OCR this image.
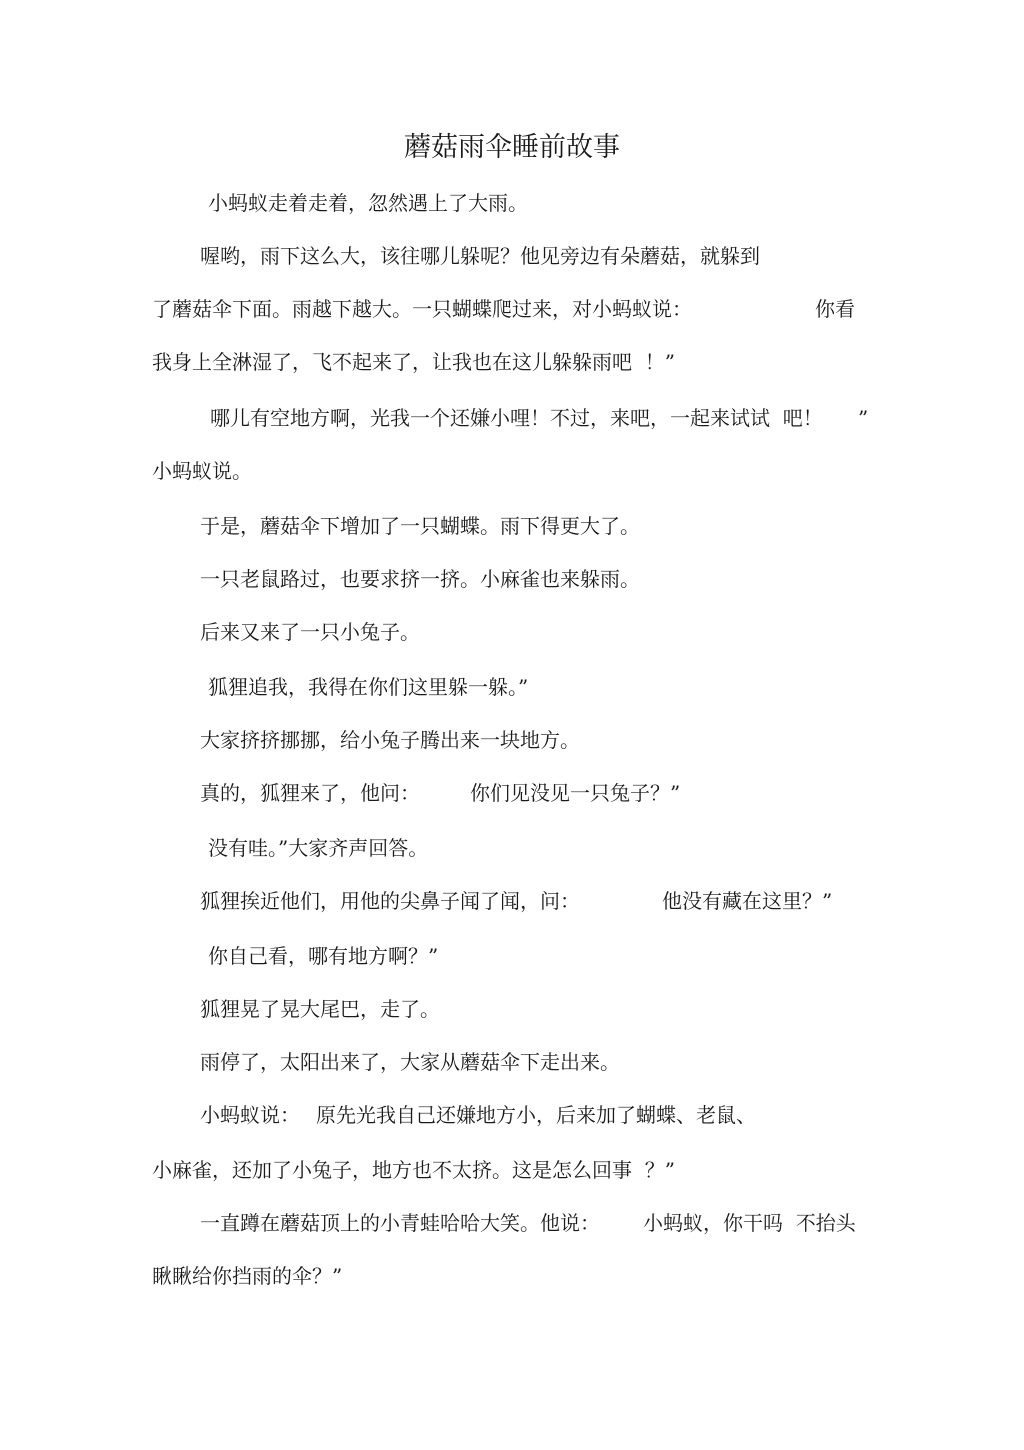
蘑菇雨伞睡前故事
小蚂蚁走着走着，忽然遇上了大雨。
喔哟，雨下这么大，该往哪儿躲呢？他见旁边有朵蘑菇，就躲到
了蘑菇伞下面。雨越下越大。一只蝴蝶爬过来，对小蚂蚁说：	你看
我身上全淋湿了，飞不起来了，让我也在这儿躲躲雨吧  ！”
哪儿有空地方啊，光我一个还嫌小哩！不过，来吧，一起来试试  吧！ ”
小蚂蚁说。
于是，蘑菇伞下增加了一只蝴蝶。雨下得更大了。
一只老鼠路过，也要求挤一挤。小麻雀也来躲雨。
后来又来了一只小兔子。
狐狸追我，我得在你们这里躲一躲。”
大家挤挤挪挪，给小兔子腾出来一块地方。
真的，狐狸来了，他问：	你们见没见一只兔子？”
没有哇。”大家齐声回答。
狐狸挨近他们，用他的尖鼻子闻了闻，问：	他没有藏在这里？”
你自己看，哪有地方啊？”
狐狸晃了晃大尾巴，走了。
雨停了，太阳出来了，大家从蘑菇伞下走出来。
小蚂蚁说： 原先光我自己还嫌地方小，后来加了蝴蝶、老鼠、
小麻雀，还加了小兔子，地方也不太挤。这是怎么回事  ？”
一直蹲在蘑菇顶上的小青蛙哈哈大笑。他说： 小蚂蚁，你干吗  不抬头
瞅瞅给你挡雨的伞？”
